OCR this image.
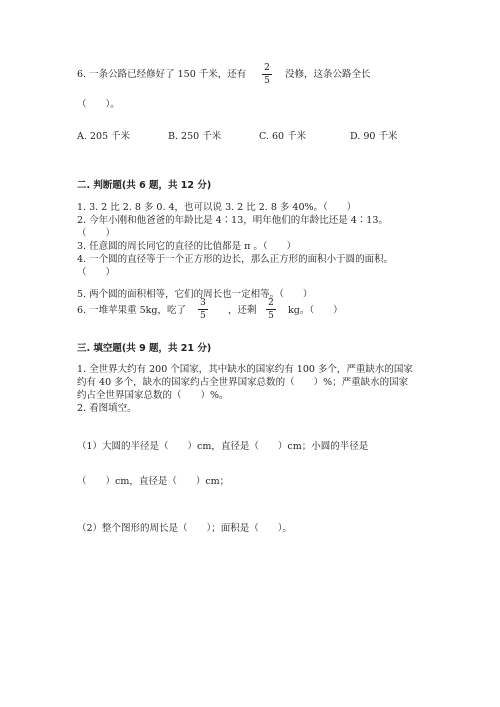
6. 一条公路已经修好了 150 千米，还有
2
5
没修，这条公路全长
（　　）。
A. 205 千米	B. 250 千米	C. 60 千米	D. 90 千米
二. 判断题(共 6 题，共 12 分)
1. 3. 2 比 2. 8 多 0. 4，也可以说 3. 2 比 2. 8 多 40%。（　　）
2. 今年小刚和他爸爸的年龄比是 4∶13，明年他们的年龄比还是 4∶13。
（　　）
3. 任意圆的周长同它的直径的比值都是 π 。（　　）
4. 一个圆的直径等于一个正方形的边长，那么正方形的面积小于圆的面积。
（　　）
5. 两个圆的面积相等，它们的周长也一定相等。（　　）
6. 一堆苹果重 5kg，吃了
3
5	，还剩
2
5	kg。（　　）
三. 填空题(共 9 题，共 21 分)
1. 全世界大约有 200 个国家，其中缺水的国家约有 100 多个，严重缺水的国家
约有 40 多个，缺水的国家约占全世界国家总数的（　　）%；严重缺水的国家
约占全世界国家总数的（　　）%。
2. 看图填空。
（1）大圆的半径是（　　）cm，直径是（　　）cm；小圆的半径是
（　　）cm，直径是（　　）cm；
（2）整个图形的周长是（　　）；面积是（　　）。
